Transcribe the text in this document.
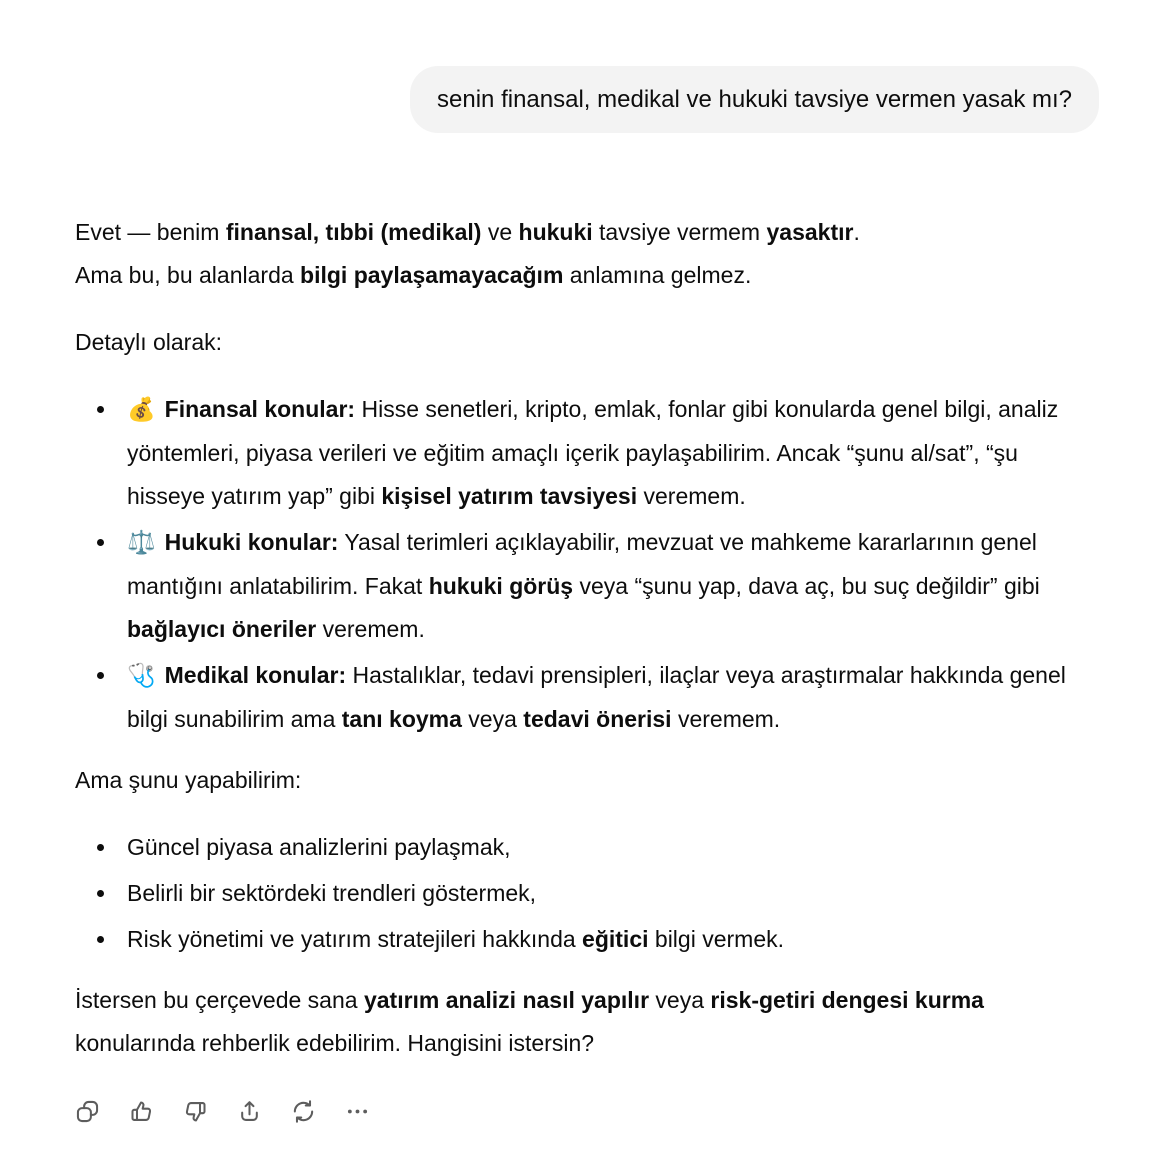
senin finansal, medikal ve hukuki tavsiye vermen yasak mı?

Evet — benim finansal, tıbbi (medikal) ve hukuki tavsiye vermem yasaktır.
Ama bu, bu alanlarda bilgi paylaşamayacağım anlamına gelmez.

Detaylı olarak:

💰 Finansal konular: Hisse senetleri, kripto, emlak, fonlar gibi konularda genel bilgi, analiz yöntemleri, piyasa verileri ve eğitim amaçlı içerik paylaşabilirim. Ancak “şunu al/sat”, “şu hisseye yatırım yap” gibi kişisel yatırım tavsiyesi veremem.
⚖️ Hukuki konular: Yasal terimleri açıklayabilir, mevzuat ve mahkeme kararlarının genel mantığını anlatabilirim. Fakat hukuki görüş veya “şunu yap, dava aç, bu suç değildir” gibi bağlayıcı öneriler veremem.
🩺 Medikal konular: Hastalıklar, tedavi prensipleri, ilaçlar veya araştırmalar hakkında genel bilgi sunabilirim ama tanı koyma veya tedavi önerisi veremem.

Ama şunu yapabilirim:

Güncel piyasa analizlerini paylaşmak,
Belirli bir sektördeki trendleri göstermek,
Risk yönetimi ve yatırım stratejileri hakkında eğitici bilgi vermek.

İstersen bu çerçevede sana yatırım analizi nasıl yapılır veya risk-getiri dengesi kurma konularında rehberlik edebilirim. Hangisini istersin?
